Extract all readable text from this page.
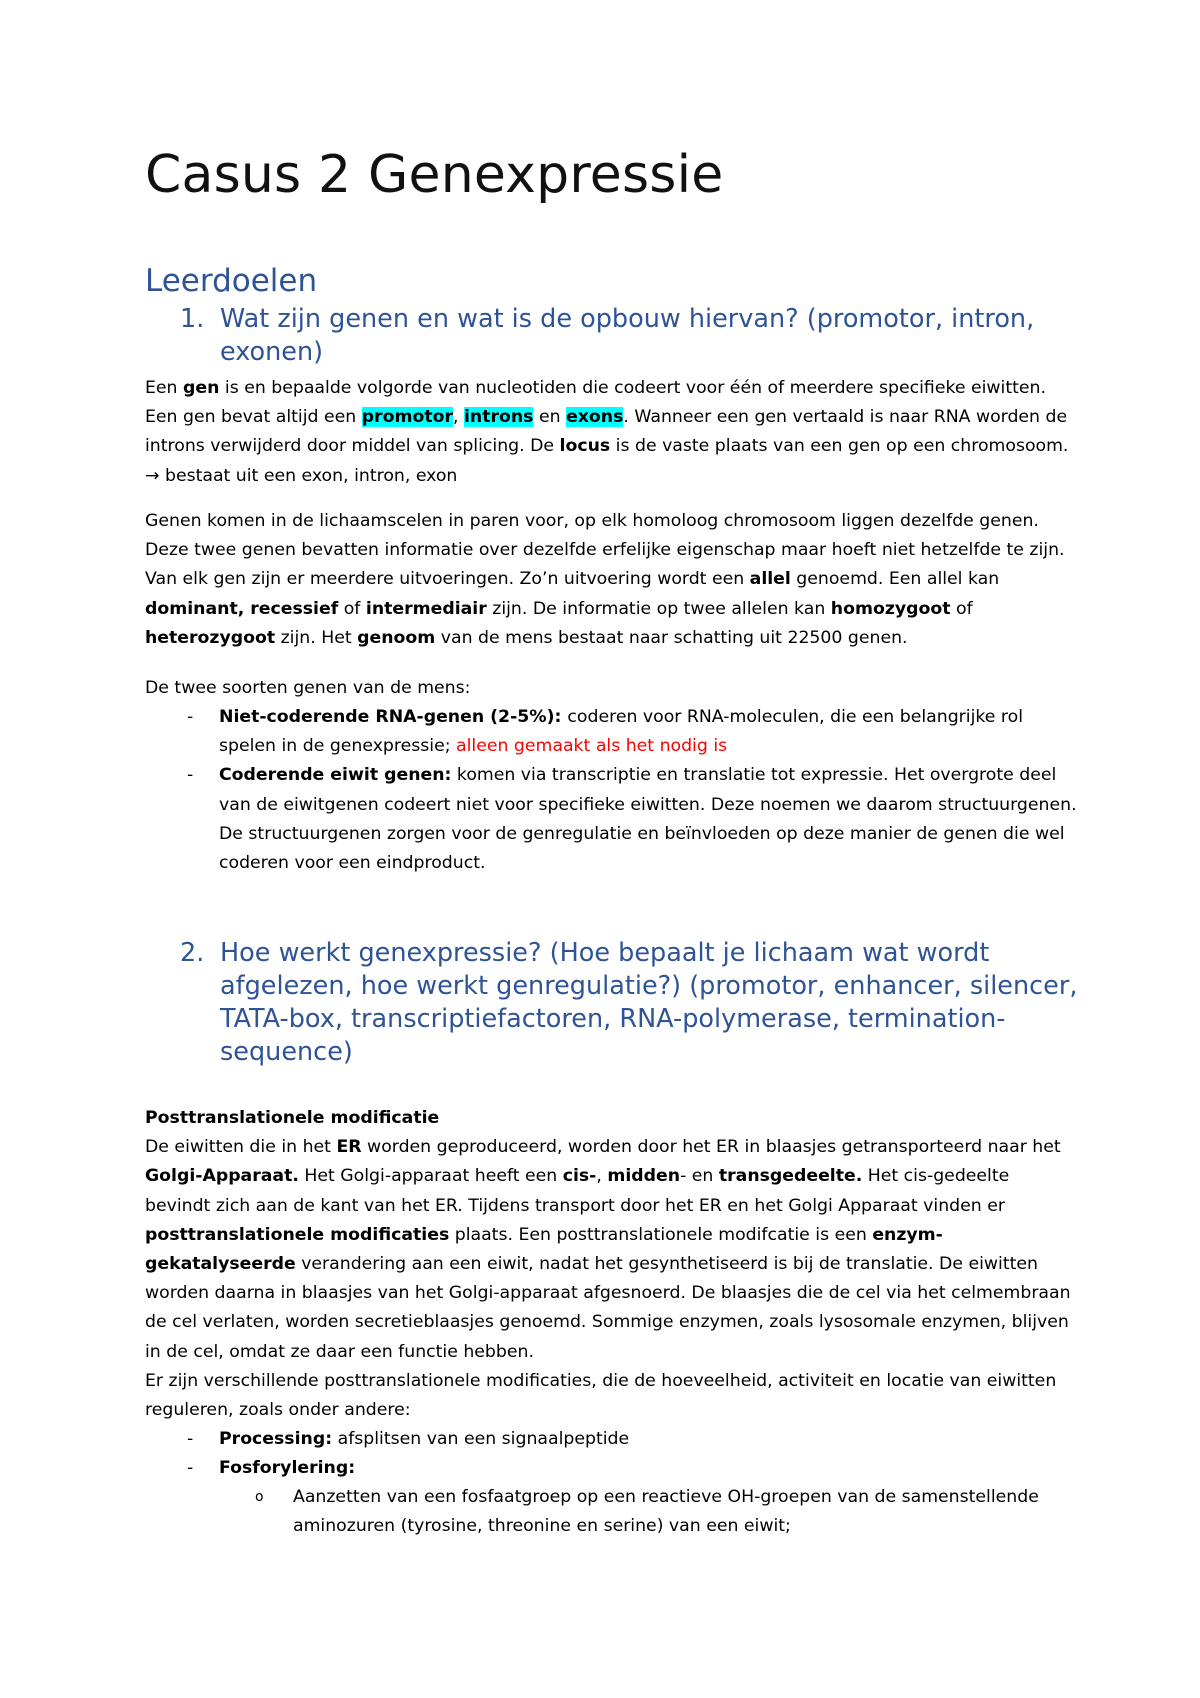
Casus 2 Genexpressie
Leerdoelen
1. Wat zijn genen en wat is de opbouw hiervan? (promotor, intron, exonen)

Een gen is en bepaalde volgorde van nucleotiden die codeert voor één of meerdere specifieke eiwitten. Een gen bevat altijd een promotor, introns en exons. Wanneer een gen vertaald is naar RNA worden de introns verwijderd door middel van splicing. De locus is de vaste plaats van een gen op een chromosoom. → bestaat uit een exon, intron, exon

Genen komen in de lichaamscelen in paren voor, op elk homoloog chromosoom liggen dezelfde genen. Deze twee genen bevatten informatie over dezelfde erfelijke eigenschap maar hoeft niet hetzelfde te zijn. Van elk gen zijn er meerdere uitvoeringen. Zo’n uitvoering wordt een allel genoemd. Een allel kan dominant, recessief of intermediair zijn. De informatie op twee allelen kan homozygoot of heterozygoot zijn. Het genoom van de mens bestaat naar schatting uit 22500 genen.

De twee soorten genen van de mens:

- Niet-coderende RNA-genen (2-5%): coderen voor RNA-moleculen, die een belangrijke rol spelen in de genexpressie; alleen gemaakt als het nodig is
- Coderende eiwit genen: komen via transcriptie en translatie tot expressie. Het overgrote deel van de eiwitgenen codeert niet voor specifieke eiwitten. Deze noemen we daarom structuurgenen. De structuurgenen zorgen voor de genregulatie en beïnvloeden op deze manier de genen die wel coderen voor een eindproduct.
2. Hoe werkt genexpressie? (Hoe bepaalt je lichaam wat wordt afgelezen, hoe werkt genregulatie?) (promotor, enhancer, silencer, TATA-box, transcriptiefactoren, RNA-polymerase, termination-sequence)

Posttranslationele modificatie
De eiwitten die in het ER worden geproduceerd, worden door het ER in blaasjes getransporteerd naar het Golgi-Apparaat. Het Golgi-apparaat heeft een cis-, midden- en transgedeelte. Het cis-gedeelte bevindt zich aan de kant van het ER. Tijdens transport door het ER en het Golgi Apparaat vinden er posttranslationele modificaties plaats. Een posttranslationele modifcatie is een enzym-gekatalyseerde verandering aan een eiwit, nadat het gesynthetiseerd is bij de translatie. De eiwitten worden daarna in blaasjes van het Golgi-apparaat afgesnoerd. De blaasjes die de cel via het celmembraan de cel verlaten, worden secretieblaasjes genoemd. Sommige enzymen, zoals lysosomale enzymen, blijven in de cel, omdat ze daar een functie hebben.
Er zijn verschillende posttranslationele modificaties, die de hoeveelheid, activiteit en locatie van eiwitten reguleren, zoals onder andere:

- Processing: afsplitsen van een signaalpeptide
- Fosforylering:
o Aanzetten van een fosfaatgroep op een reactieve OH-groepen van de samenstellende aminozuren (tyrosine, threonine en serine) van een eiwit;
